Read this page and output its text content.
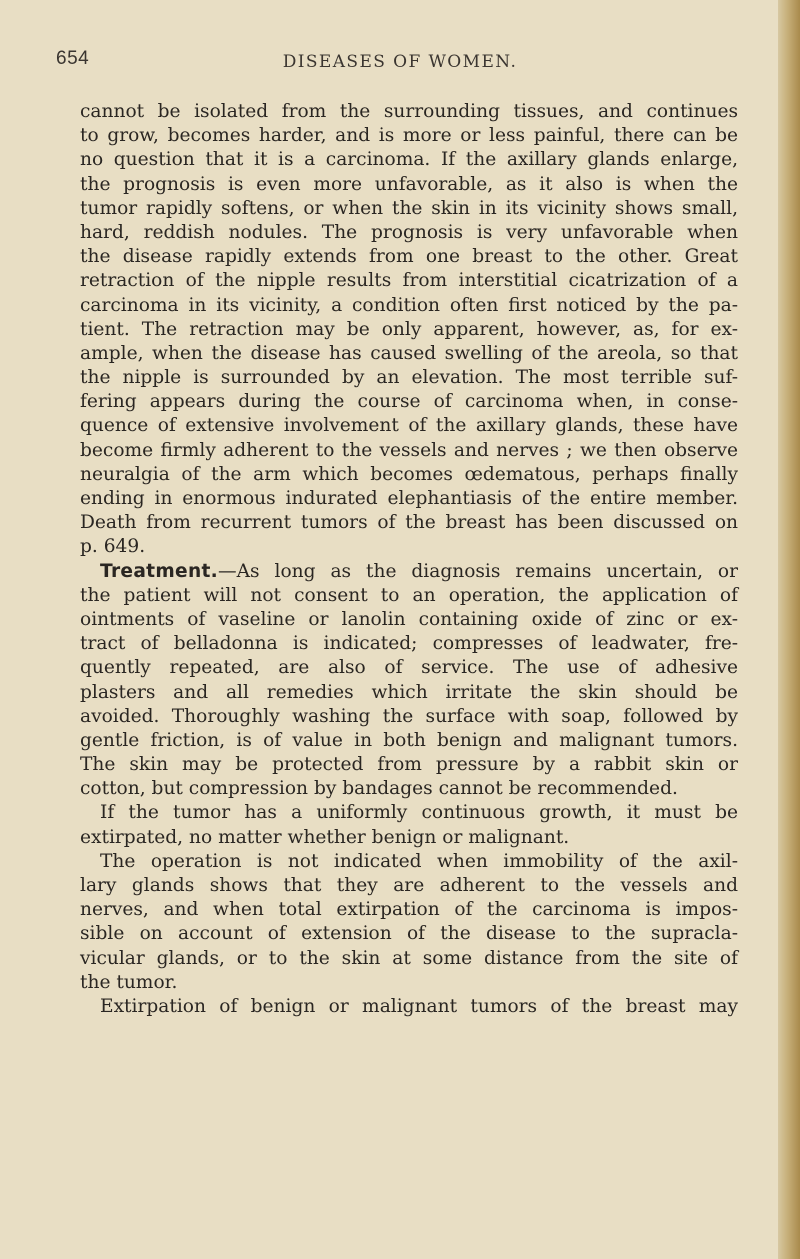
654	DISEASES OF WOMEN.
cannot be isolated from the surrounding tissues, and continues
to grow, becomes harder, and is more or less painful, there can be
no question that it is a carcinoma. If the axillary glands enlarge,
the prognosis is even more unfavorable, as it also is when the
tumor rapidly softens, or when the skin in its vicinity shows small,
hard, reddish nodules. The prognosis is very unfavorable when
the disease rapidly extends from one breast to the other. Great
retraction of the nipple results from interstitial cicatrization of a
carcinoma in its vicinity, a condition often first noticed by the pa-
tient. The retraction may be only apparent, however, as, for ex-
ample, when the disease has caused swelling of the areola, so that
the nipple is surrounded by an elevation. The most terrible suf-
fering appears during the course of carcinoma when, in conse-
quence of extensive involvement of the axillary glands, these have
become firmly adherent to the vessels and nerves ; we then observe
neuralgia of the arm which becomes œdematous, perhaps finally
ending in enormous indurated elephantiasis of the entire member.
Death from recurrent tumors of the breast has been discussed on
p. 649.
Treatment.—As long as the diagnosis remains uncertain, or
the patient will not consent to an operation, the application of
ointments of vaseline or lanolin containing oxide of zinc or ex-
tract of belladonna is indicated; compresses of leadwater, fre-
quently repeated, are also of service. The use of adhesive
plasters and all remedies which irritate the skin should be
avoided. Thoroughly washing the surface with soap, followed by
gentle friction, is of value in both benign and malignant tumors.
The skin may be protected from pressure by a rabbit skin or
cotton, but compression by bandages cannot be recommended.
If the tumor has a uniformly continuous growth, it must be
extirpated, no matter whether benign or malignant.
The operation is not indicated when immobility of the axil-
lary glands shows that they are adherent to the vessels and
nerves, and when total extirpation of the carcinoma is impos-
sible on account of extension of the disease to the supracla-
vicular glands, or to the skin at some distance from the site of
the tumor.
Extirpation of benign or malignant tumors of the breast may
